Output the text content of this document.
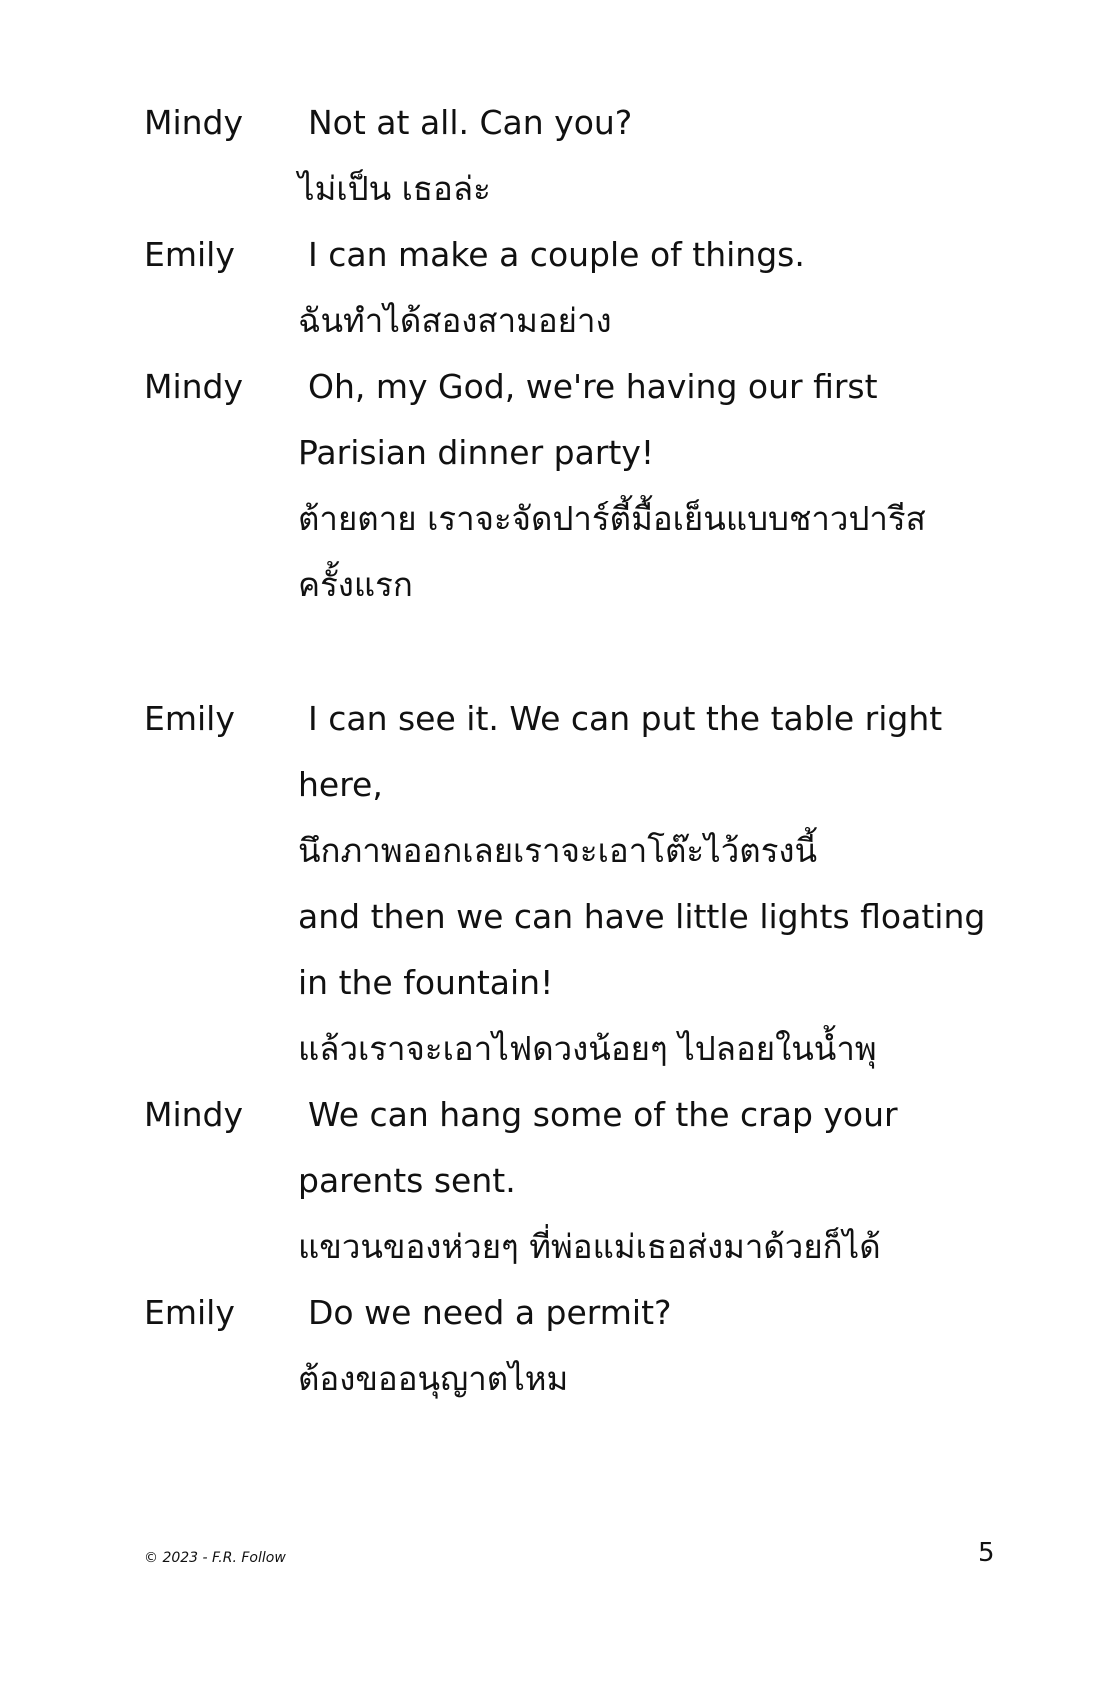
Mindy Not at all. Can you?
ไม่เป็น เธอล่ะ
Emily I can make a couple of things.
ฉันทำได้สองสามอย่าง
Mindy Oh, my God, we're having our first
Parisian dinner party!
ต้ายตาย เราจะจัดปาร์ตี้มื้อเย็นแบบชาวปารีส
ครั้งแรก
Emily I can see it. We can put the table right
here,
นึกภาพออกเลยเราจะเอาโต๊ะไว้ตรงนี้
and then we can have little lights floating
in the fountain!
แล้วเราจะเอาไฟดวงน้อยๆ ไปลอยในน้ำพุ
Mindy We can hang some of the crap your
parents sent.
แขวนของห่วยๆ ที่พ่อแม่เธอส่งมาด้วยก็ได้
Emily Do we need a permit?
ต้องขออนุญาตไหม
© 2023 - F.R. Follow	5
